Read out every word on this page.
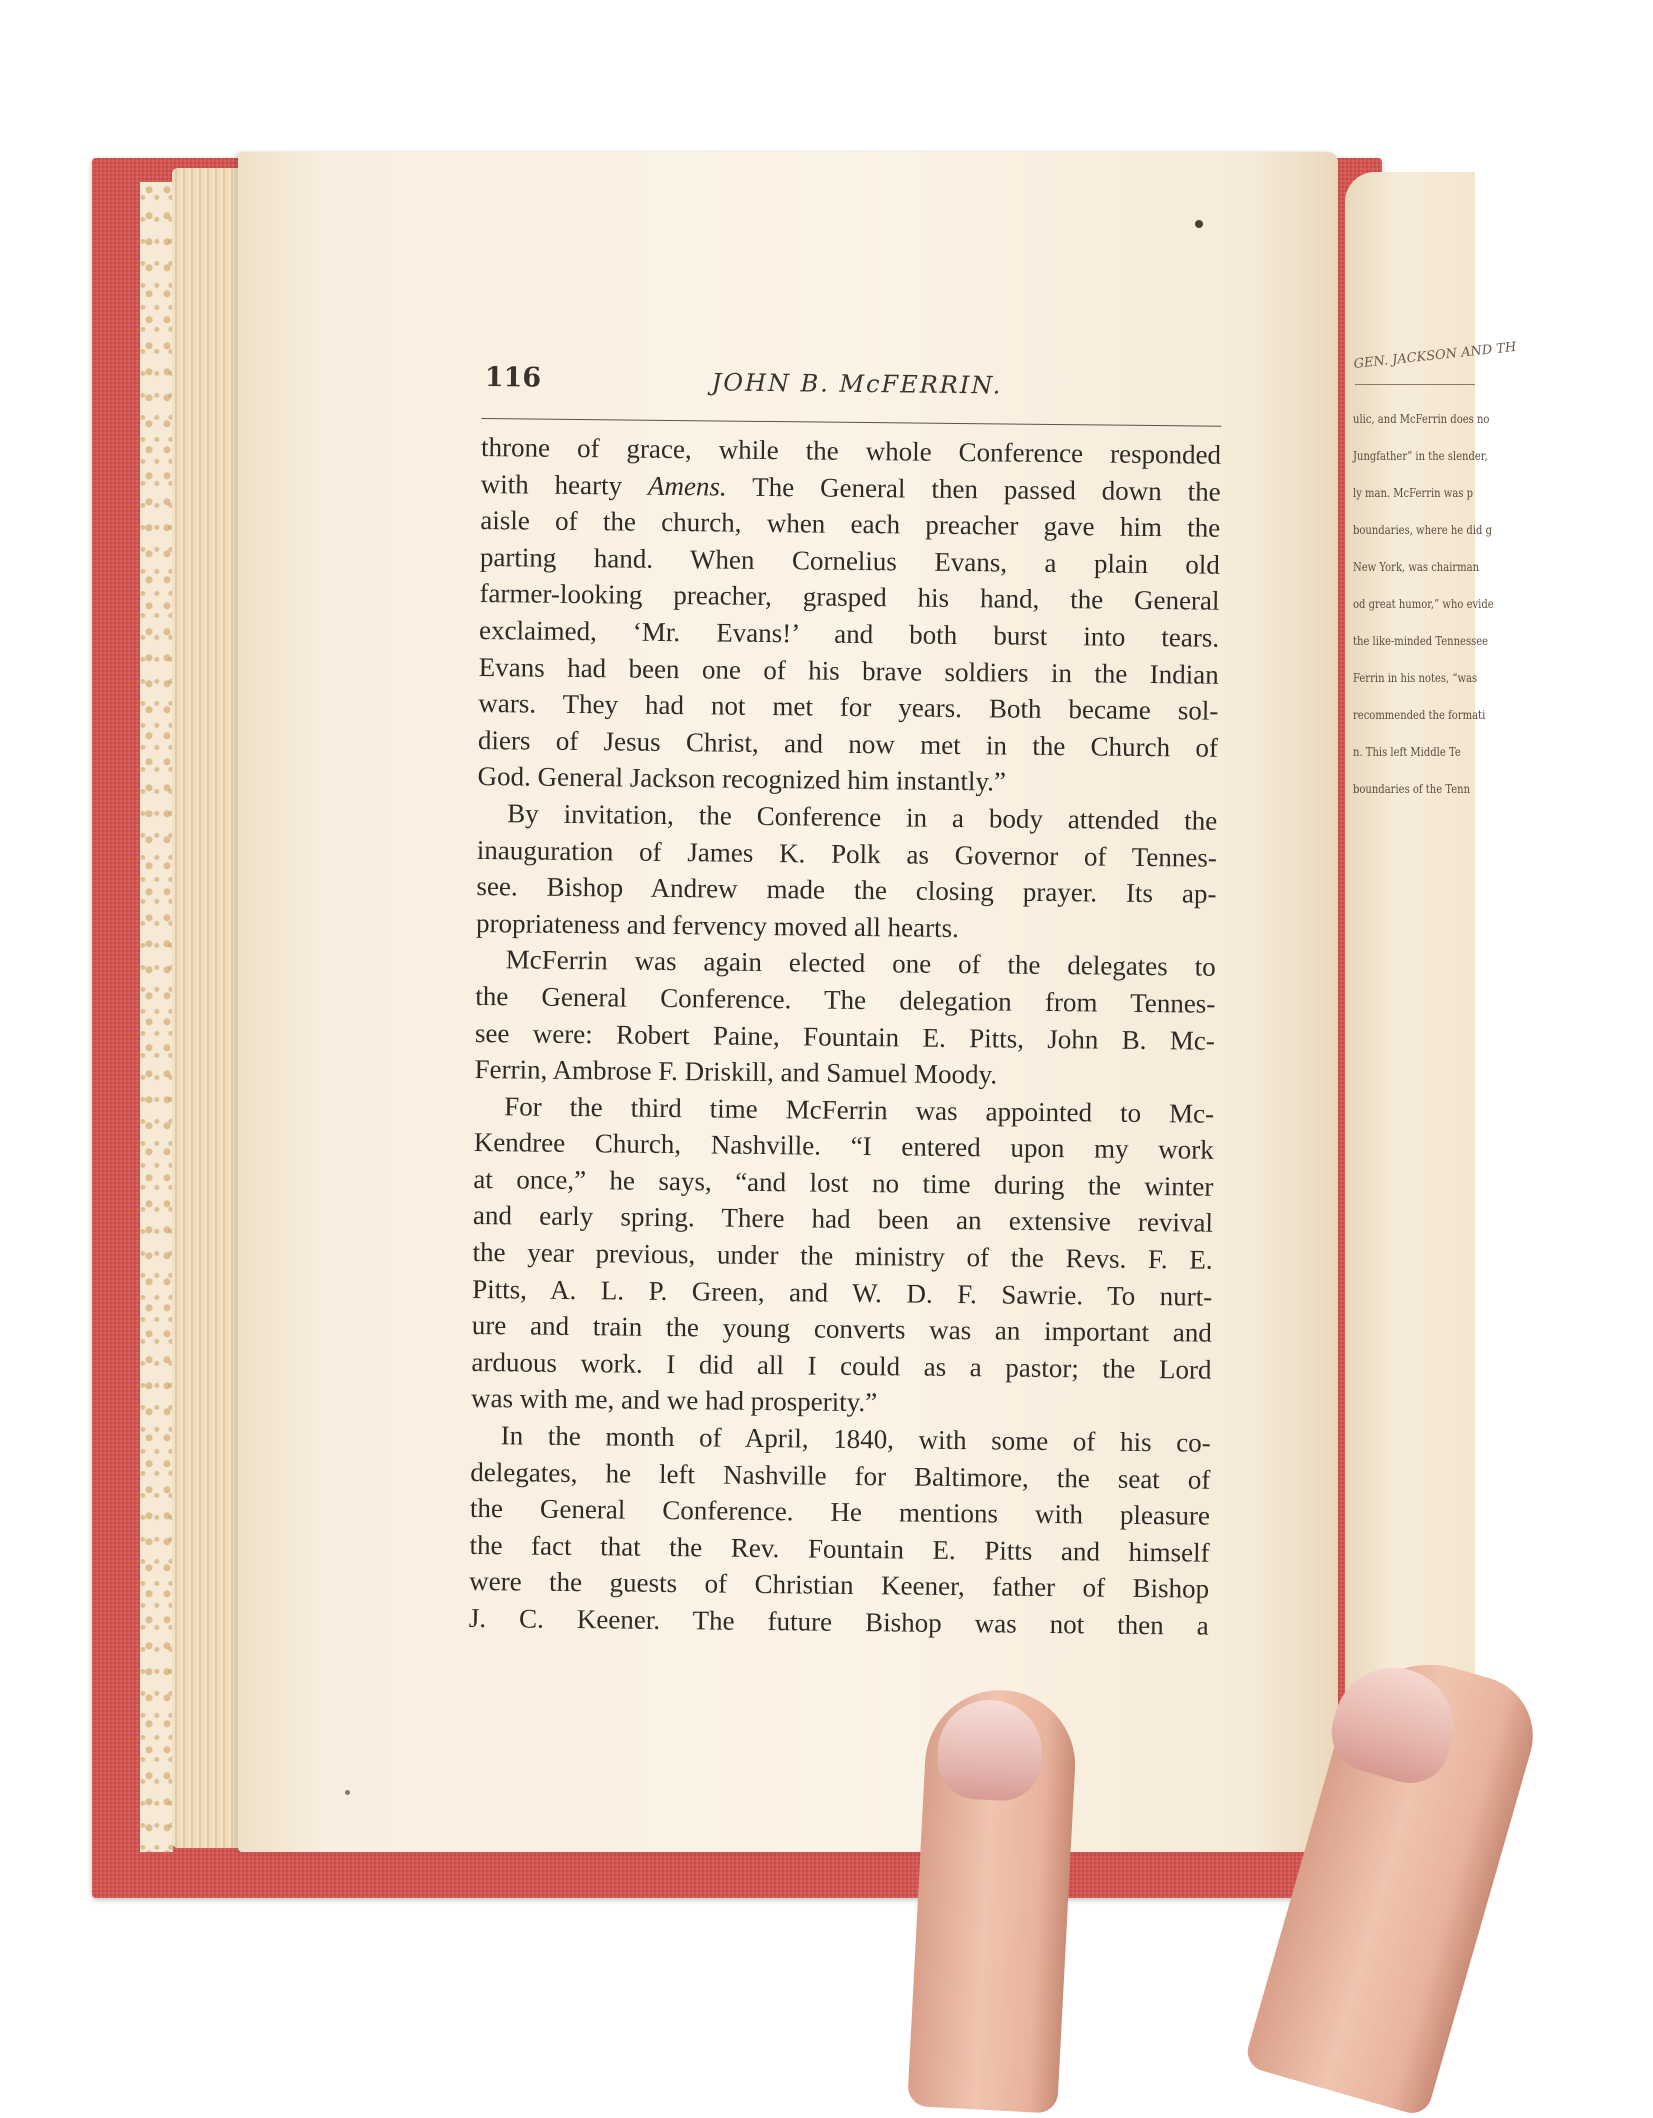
GEN. JACKSON AND TH
ulic, and McFerrin does no
Jungfather” in the slender,
ly man. McFerrin was p
boundaries, where he did g
New York, was chairman
od great humor,” who evide
the like-minded Tennessee
Ferrin in his notes, “was
recommended the formati
n. This left Middle Te
boundaries of the Tenn
116	JOHN B. McFERRIN.
throne of grace, while the whole Conference responded
with hearty Amens. The General then passed down the
aisle of the church, when each preacher gave him the
parting hand. When Cornelius Evans, a plain old
farmer-looking preacher, grasped his hand, the General
exclaimed, ‘Mr. Evans!’ and both burst into tears.
Evans had been one of his brave soldiers in the Indian
wars. They had not met for years. Both became sol-
diers of Jesus Christ, and now met in the Church of
God. General Jackson recognized him instantly.”
By invitation, the Conference in a body attended the
inauguration of James K. Polk as Governor of Tennes-
see. Bishop Andrew made the closing prayer. Its ap-
propriateness and fervency moved all hearts.
McFerrin was again elected one of the delegates to
the General Conference. The delegation from Tennes-
see were: Robert Paine, Fountain E. Pitts, John B. Mc-
Ferrin, Ambrose F. Driskill, and Samuel Moody.
For the third time McFerrin was appointed to Mc-
Kendree Church, Nashville. “I entered upon my work
at once,” he says, “and lost no time during the winter
and early spring. There had been an extensive revival
the year previous, under the ministry of the Revs. F. E.
Pitts, A. L. P. Green, and W. D. F. Sawrie. To nurt-
ure and train the young converts was an important and
arduous work. I did all I could as a pastor; the Lord
was with me, and we had prosperity.”
In the month of April, 1840, with some of his co-
delegates, he left Nashville for Baltimore, the seat of
the General Conference. He mentions with pleasure
the fact that the Rev. Fountain E. Pitts and himself
were the guests of Christian Keener, father of Bishop
J. C. Keener. The future Bishop was not then a
